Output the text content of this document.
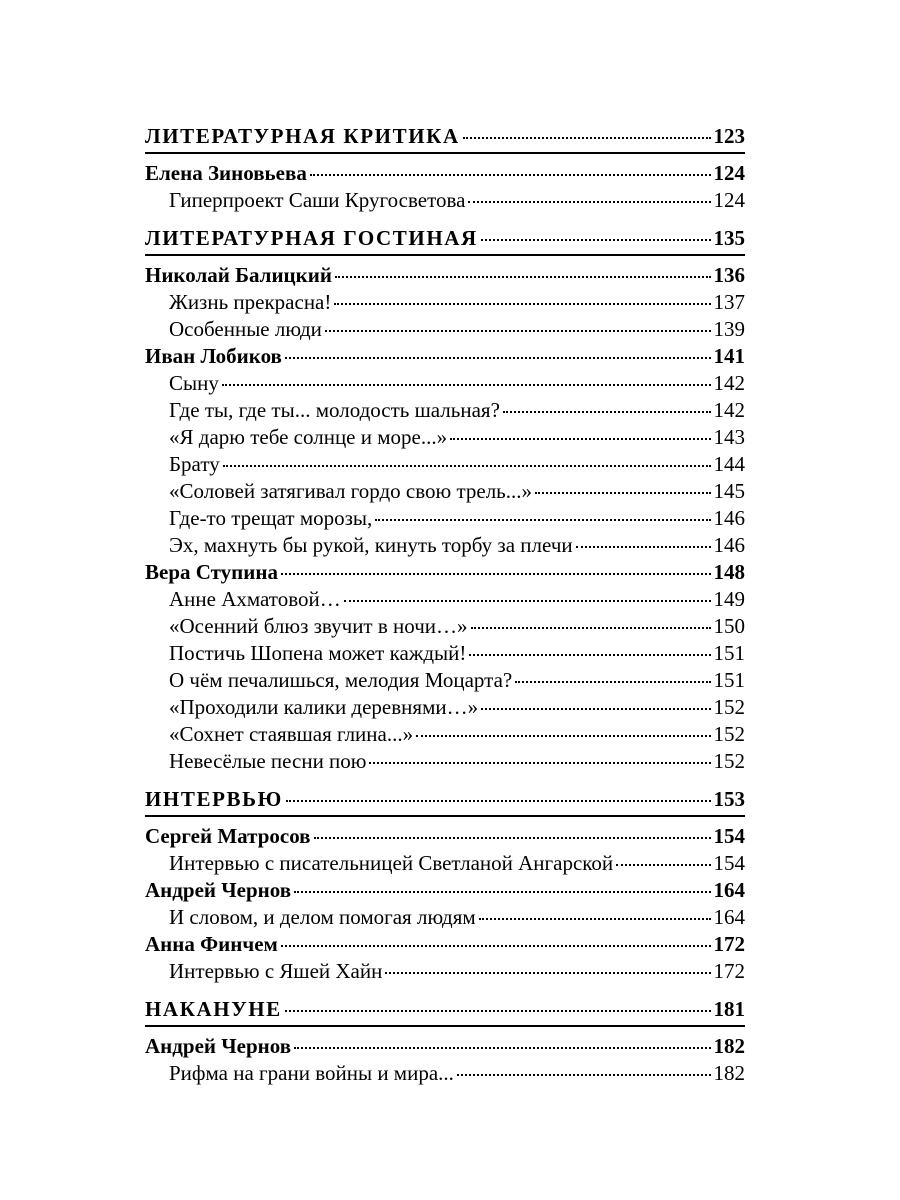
ЛИТЕРАТУРНАЯ КРИТИКА	123
Елена Зиновьева	124
Гиперпроект Саши Кругосветова	124
ЛИТЕРАТУРНАЯ ГОСТИНАЯ	135
Николай Балицкий	136
Жизнь прекрасна!	137
Особенные люди	139
Иван Лобиков	141
Сыну	142
Где ты, где ты... молодость шальная?	142
«Я дарю тебе солнце и море...»	143
Брату	144
«Соловей затягивал гордо свою трель...»	145
Где-то трещат морозы,	146
Эх, махнуть бы рукой, кинуть торбу за плечи	146
Вера Ступина	148
Анне Ахматовой…	149
«Осенний блюз звучит в ночи…»	150
Постичь Шопена может каждый!	151
О чём печалишься, мелодия Моцарта?	151
«Проходили калики деревнями…»	152
«Сохнет стаявшая глина...»	152
Невесёлые песни пою	152
ИНТЕРВЬЮ	153
Сергей Матросов	154
Интервью с писательницей Светланой Ангарской	154
Андрей Чернов	164
И словом, и делом помогая людям	164
Анна Финчем	172
Интервью с Яшей Хайн	172
НАКАНУНЕ	181
Андрей Чернов	182
Рифма на грани войны и мира...	182
